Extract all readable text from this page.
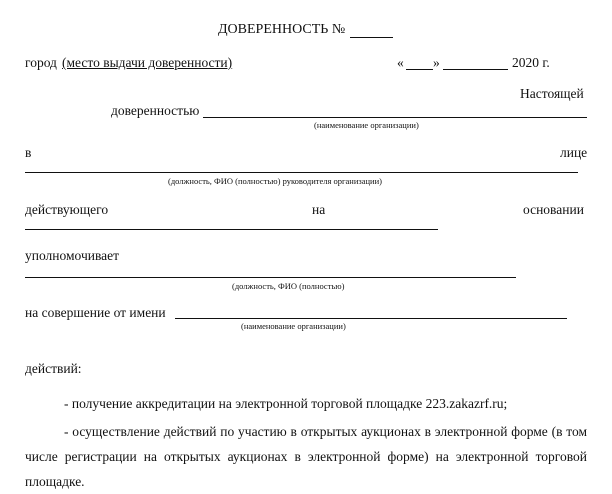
ДОВЕРЕННОСТЬ №
город (место выдачи доверенности)	« »	2020 г.
Настоящей
доверенностью
(наименование организации)
в	лице
(должность, ФИО (полностью) руководителя организации)
действующего	на	основании
уполномочивает
(должность, ФИО (полностью)
на совершение от имени
(наименование организации)
действий:
- получение аккредитации на электронной торговой площадке 223.zakazrf.ru;
- осуществление действий по участию в открытых аукционах в электронной форме (в том числе регистрации на открытых аукционах в электронной форме) на электронной торговой площадке.
